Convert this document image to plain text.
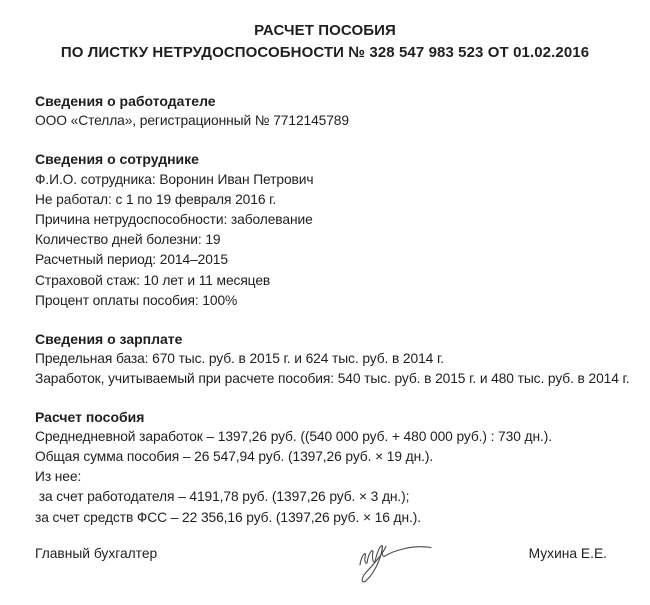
РАСЧЕТ ПОСОБИЯ
ПО ЛИСТКУ НЕТРУДОСПОСОБНОСТИ № 328 547 983 523 ОТ 01.02.2016
Сведения о работодателе
ООО «Стелла», регистрационный № 7712145789
Сведения о сотруднике
Ф.И.О. сотрудника: Воронин Иван Петрович
Не работал: с 1 по 19 февраля 2016 г.
Причина нетрудоспособности: заболевание
Количество дней болезни: 19
Расчетный период: 2014–2015
Страховой стаж: 10 лет и 11 месяцев
Процент оплаты пособия: 100%
Сведения о зарплате
Предельная база: 670 тыс. руб. в 2015 г. и 624 тыс. руб. в 2014 г.
Заработок, учитываемый при расчете пособия: 540 тыс. руб. в 2015 г. и 480 тыс. руб. в 2014 г.
Расчет пособия
Среднедневной заработок – 1397,26 руб. ((540 000 руб. + 480 000 руб.) : 730 дн.).
Общая сумма пособия – 26 547,94 руб. (1397,26 руб. × 19 дн.).
Из нее:
за счет работодателя – 4191,78 руб. (1397,26 руб. × 3 дн.);
за счет средств ФСС – 22 356,16 руб. (1397,26 руб. × 16 дн.).
Главный бухгалтер	Мухина Е.Е.
